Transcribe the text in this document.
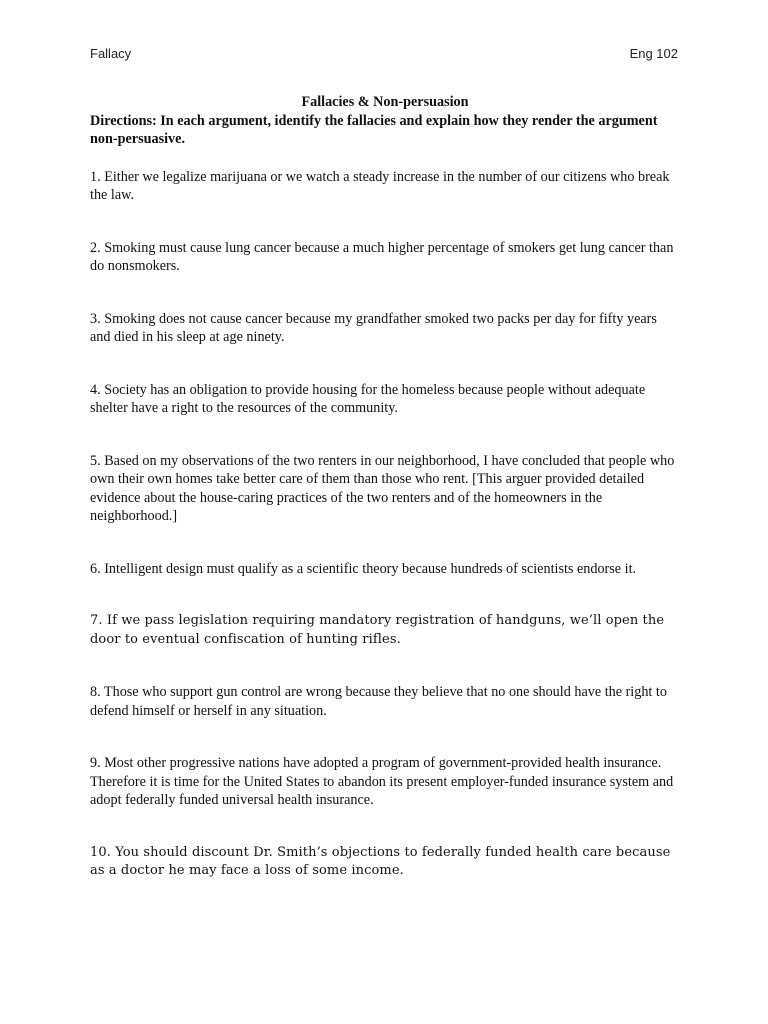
Fallacy	Eng 102

Fallacies & Non-persuasion

Directions: In each argument, identify the fallacies and explain how they render the argument non-persuasive.

1. Either we legalize marijuana or we watch a steady increase in the number of our citizens who break the law.

2. Smoking must cause lung cancer because a much higher percentage of smokers get lung cancer than do nonsmokers.

3. Smoking does not cause cancer because my grandfather smoked two packs per day for fifty years and died in his sleep at age ninety.

4. Society has an obligation to provide housing for the homeless because people without adequate shelter have a right to the resources of the community.

5. Based on my observations of the two renters in our neighborhood, I have concluded that people who own their own homes take better care of them than those who rent. [This arguer provided detailed evidence about the house-caring practices of the two renters and of the homeowners in the neighborhood.]

6. Intelligent design must qualify as a scientific theory because hundreds of scientists endorse it.

7. If we pass legislation requiring mandatory registration of handguns, we’ll open the door to eventual confiscation of hunting rifles.

8. Those who support gun control are wrong because they believe that no one should have the right to defend himself or herself in any situation.

9. Most other progressive nations have adopted a program of government-provided health insurance. Therefore it is time for the United States to abandon its present employer-funded insurance system and adopt federally funded universal health insurance.

10. You should discount Dr. Smith’s objections to federally funded health care because as a doctor he may face a loss of some income.
